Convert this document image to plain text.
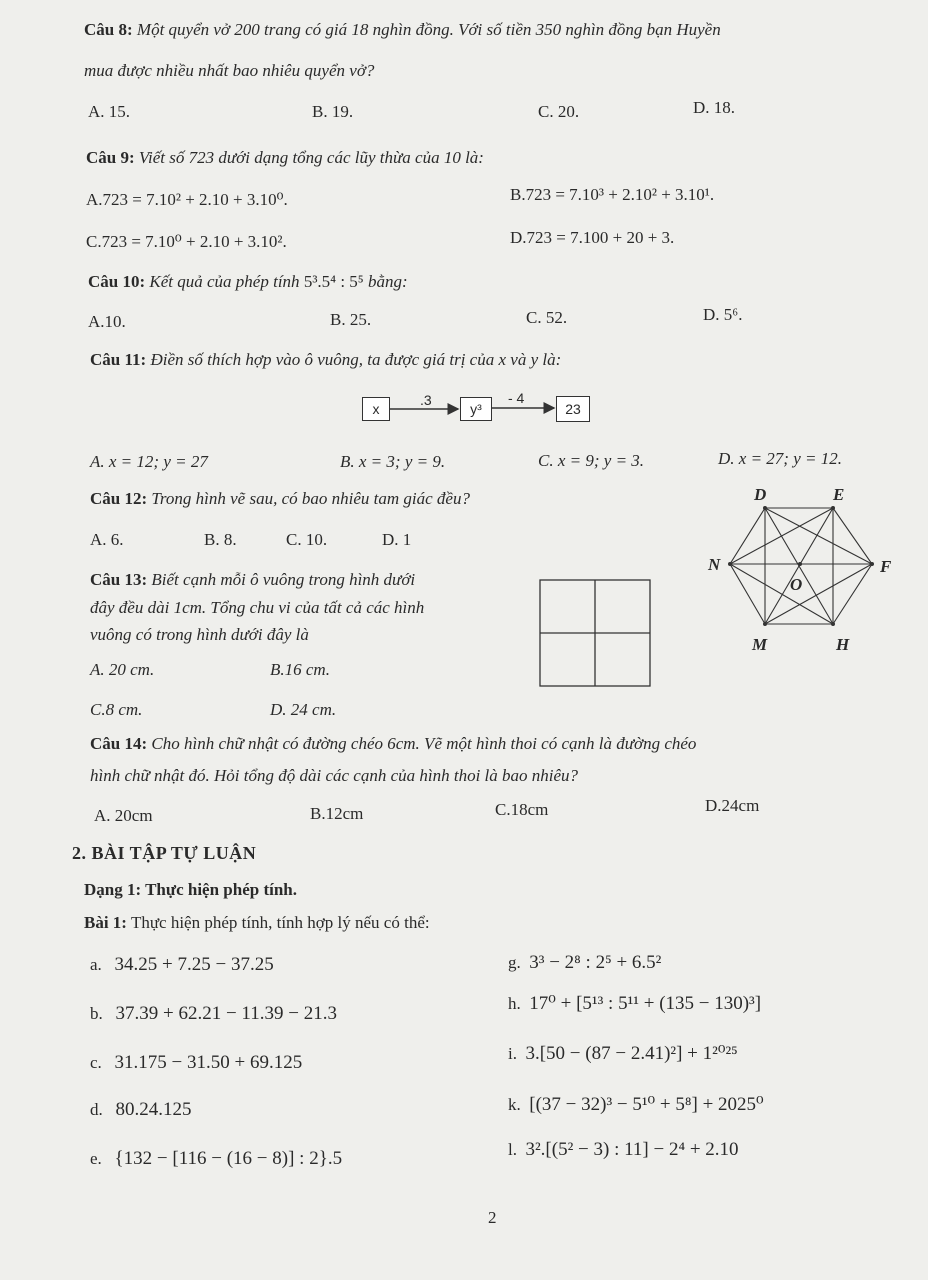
Câu 8: Một quyển vở 200 trang có giá 18 nghìn đồng. Với số tiền 350 nghìn đồng bạn Huyền
mua được nhiều nhất bao nhiêu quyển vở?
A. 15.	B. 19.	C. 20.	D. 18.
Câu 9: Viết số 723 dưới dạng tổng các lũy thừa của 10 là:
A.723 = 7.10² + 2.10 + 3.10⁰.	B.723 = 7.10³ + 2.10² + 3.10¹.
C.723 = 7.10⁰ + 2.10 + 3.10².	D.723 = 7.100 + 20 + 3.
Câu 10: Kết quả của phép tính 5³.5⁴ : 5⁵ bằng:
A.10.	B. 25.	C. 52.	D. 5⁶.
Câu 11: Điền số thích hợp vào ô vuông, ta được giá trị của x và y là:
x
.3
y³
- 4
23
A. x = 12; y = 27	B. x = 3; y = 9.	C. x = 9; y = 3.	D. x = 27; y = 12.
Câu 12: Trong hình vẽ sau, có bao nhiêu tam giác đều?
A. 6.	B. 8.	C. 10.	D. 1
D	E
N	F
M	H
O
Câu 13: Biết cạnh mỗi ô vuông trong hình dưới
đây đều dài 1cm. Tổng chu vi của tất cả các hình
vuông có trong hình dưới đây là
A. 20 cm.	B.16 cm.
C.8 cm.	D. 24 cm.
Câu 14: Cho hình chữ nhật có đường chéo 6cm. Vẽ một hình thoi có cạnh là đường chéo
hình chữ nhật đó. Hỏi tổng độ dài các cạnh của hình thoi là bao nhiêu?
A. 20cm	B.12cm	C.18cm	D.24cm
2. BÀI TẬP TỰ LUẬN
Dạng 1: Thực hiện phép tính.
Bài 1: Thực hiện phép tính, tính hợp lý nếu có thể:
a. 34.25 + 7.25 − 37.25
b. 37.39 + 62.21 − 11.39 − 21.3
c. 31.175 − 31.50 + 69.125
d. 80.24.125
e. {132 − [116 − (16 − 8)] : 2}.5
g. 3³ − 2⁸ : 2⁵ + 6.5²
h. 17⁰ + [5¹³ : 5¹¹ + (135 − 130)³]
i. 3.[50 − (87 − 2.41)²] + 1²⁰²⁵
k. [(37 − 32)³ − 5¹⁰ + 5⁸] + 2025⁰
l. 3².[(5² − 3) : 11] − 2⁴ + 2.10
2
